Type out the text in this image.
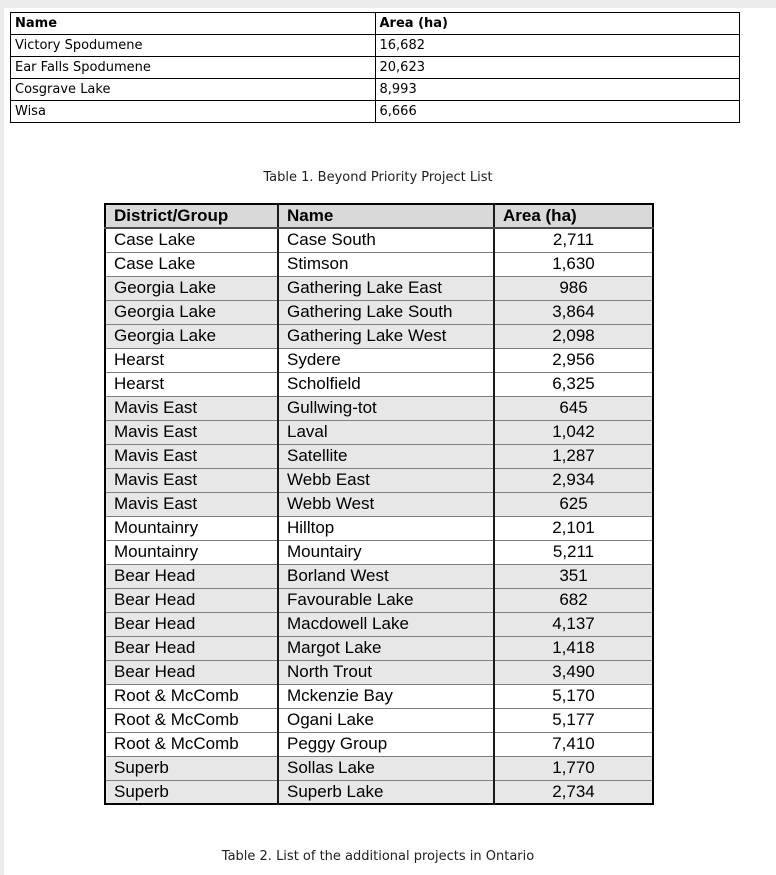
Name	Area (ha)
Victory Spodumene	16,682
Ear Falls Spodumene	20,623
Cosgrave Lake	8,993
Wisa	6,666
Table 1. Beyond Priority Project List
District/Group	Name	Area (ha)
Case Lake	Case South	2,711
Case Lake	Stimson	1,630
Georgia Lake	Gathering Lake East	986
Georgia Lake	Gathering Lake South	3,864
Georgia Lake	Gathering Lake West	2,098
Hearst	Sydere	2,956
Hearst	Scholfield	6,325
Mavis East	Gullwing-tot	645
Mavis East	Laval	1,042
Mavis East	Satellite	1,287
Mavis East	Webb East	2,934
Mavis East	Webb West	625
Mountainry	Hilltop	2,101
Mountainry	Mountairy	5,211
Bear Head	Borland West	351
Bear Head	Favourable Lake	682
Bear Head	Macdowell Lake	4,137
Bear Head	Margot Lake	1,418
Bear Head	North Trout	3,490
Root & McComb	Mckenzie Bay	5,170
Root & McComb	Ogani Lake	5,177
Root & McComb	Peggy Group	7,410
Superb	Sollas Lake	1,770
Superb	Superb Lake	2,734
Table 2. List of the additional projects in Ontario
